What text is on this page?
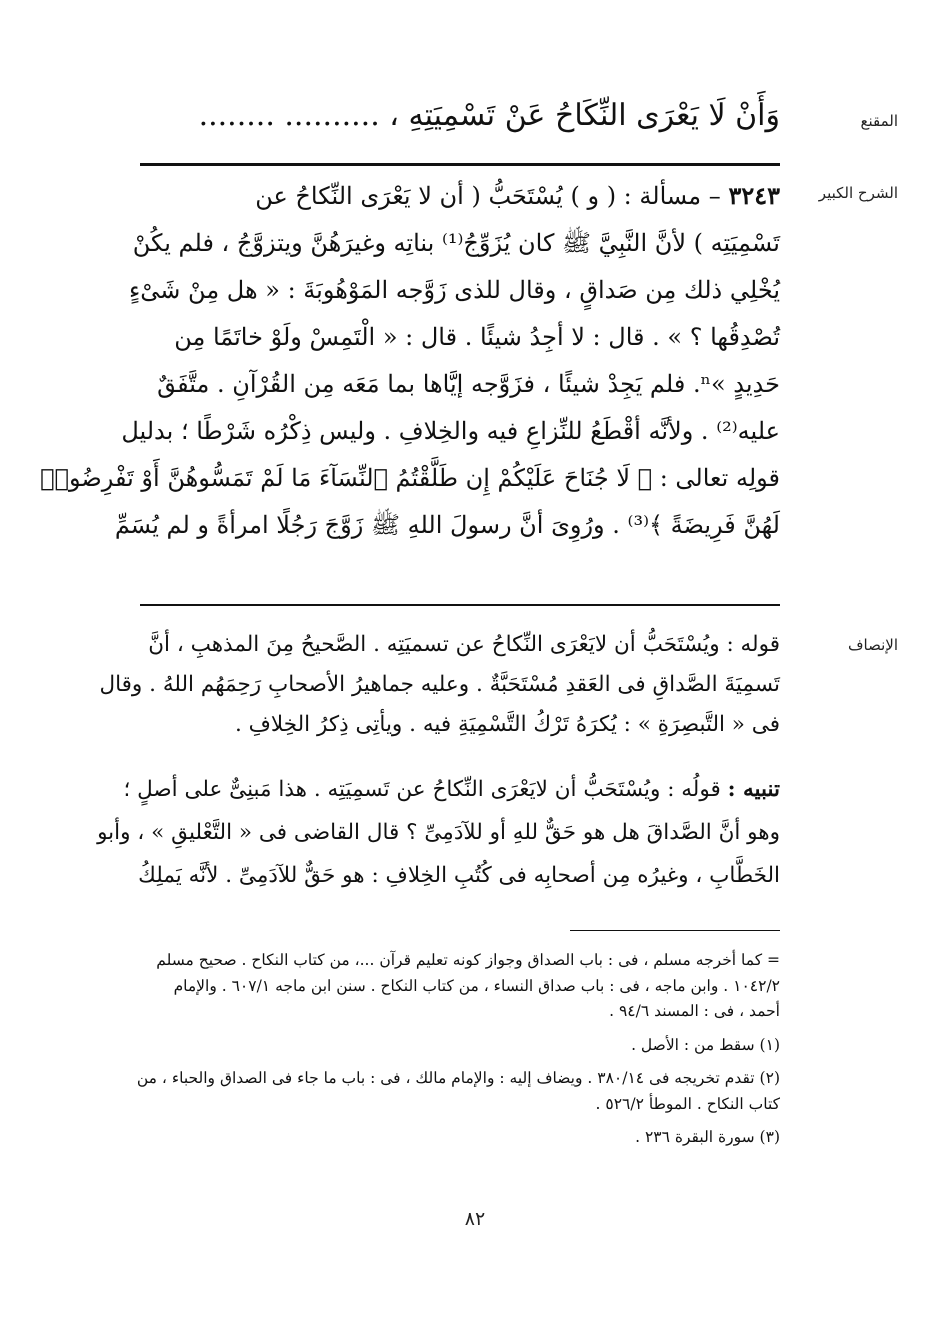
المقنع
الشرح الكبير
الإنصاف
وَأَنْ لَا يَعْرَى النِّكَاحُ عَنْ تَسْمِيَتِهِ ، .......... ........
٣٢٤٣ – مسألة : ( و ) يُسْتَحَبُّ ( أن لا يَعْرَى النِّكاحُ عن
تَسْمِيَتِه ) لأنَّ النَّبِيَّ ﷺ كان يُزَوِّجُ⁽¹⁾ بناتِه وغيرَهُنَّ ويتزوَّجُ ، فلم يكُنْ
يُخْلِي ذلك مِن صَداقٍ ، وقال للذى زَوَّجه المَوْهُوبَةَ : « هل مِنْ شَىْءٍ
تُصْدِقُها ؟ » . قال : لا أجِدُ شيئًا . قال : « الْتَمِسْ ولَوْ خاتَمًا مِن
حَدِيدٍ »ⁿ. فلم يَجِدْ شيئًا ، فزَوَّجه إيَّاها بما مَعَه مِن القُرْآنِ . متَّفَقٌ
عليه⁽²⁾ . ولأنَّه أقْطَعُ للنِّزاعِ فيه والخِلافِ . وليس ذِكْرُه شَرْطًا ؛ بدليل
قولِه تعالى : ﴿ لَا جُنَاحَ عَلَيْكُمْ إِن طَلَّقْتُمُ ٱلنِّسَآءَ مَا لَمْ تَمَسُّوهُنَّ أَوْ تَفْرِضُوا۟
لَهُنَّ فَرِيضَةً ﴾⁽³⁾ . ورُوِىَ أنَّ رسولَ اللهِ ﷺ زَوَّجَ رَجُلًا امرأةً و لم يُسَمِّ
قوله : ويُسْتَحَبُّ أن لايَعْرَى النِّكاحُ عن تسميَتِه . الصَّحيحُ مِنَ المذهبِ ، أنَّ
تَسمِيَةَ الصَّداقِ فى العَقدِ مُسْتَحَبَّةٌ . وعليه جماهيرُ الأصحابِ رَحِمَهُم اللهُ . وقال
فى « التَّبصِرَةِ » : يُكرَهُ تَرْكُ التَّسْمِيَةِ فيه . ويأتِى ذِكرُ الخِلافِ .
تنبيه : قولُه : ويُسْتَحَبُّ أن لايَعْرَى النِّكاحُ عن تَسمِيَتِه . هذا مَبنِىٌّ على أصلٍ ؛
وهو أنَّ الصَّداقَ هل هو حَقٌّ للهِ أو للآدَمِىِّ ؟ قال القاضى فى « التَّعْليقِ » ، وأبو
الخَطَّابِ ، وغيرُه مِن أصحابِه فى كُتُبِ الخِلافِ : هو حَقٌّ للآدَمِىِّ . لأنَّه يَملِكُ
= كما أخرجه مسلم ، فى : باب الصداق وجواز كونه تعليم قرآن ...، من كتاب النكاح . صحيح مسلم
١٠٤٢/٢ . وابن ماجه ، فى : باب صداق النساء ، من كتاب النكاح . سنن ابن ماجه ٦٠٧/١ . والإمام
أحمد ، فى : المسند ٩٤/٦ .
(١) سقط من : الأصل .
(٢) تقدم تخريجه فى ٣٨٠/١٤ . ويضاف إليه : والإمام مالك ، فى : باب ما جاء فى الصداق والحباء ، من
كتاب النكاح . الموطأ ٥٢٦/٢ .
(٣) سورة البقرة ٢٣٦ .
٨٢
